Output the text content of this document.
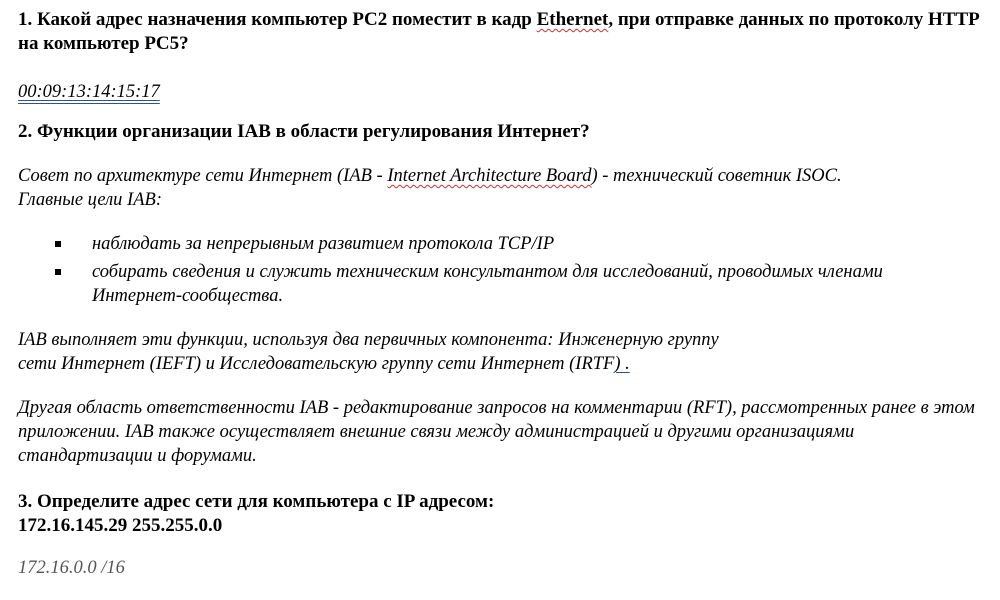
1. Какой адрес назначения компьютер PC2 поместит в кадр Ethernet, при отправке данных по протоколу HTTP на компьютер PC5?

00:09:13:14:15:17

2. Функции организации IAB в области регулирования Интернет?

Совет по архитектуре сети Интернет (IAB - Internet Architecture Board) - технический советник ISOC.
Главные цели IAB:

наблюдать за непрерывным развитием протокола TCP/IP
собирать сведения и служить техническим консультантом для исследований, проводимых членами Интернет-сообщества.

IAB выполняет эти функции, используя два первичных компонента: Инженерную группу
сети Интернет (IEFT) и Исследовательскую группу сети Интернет (IRTF) .

Другая область ответственности IAB - редактирование запросов на комментарии (RFT), рассмотренных ранее в этом приложении. IAB также осуществляет внешние связи между администрацией и другими организациями стандартизации и форумами.

3. Определите адрес сети для компьютера с IP адресом:
172.16.145.29 255.255.0.0

172.16.0.0 /16
